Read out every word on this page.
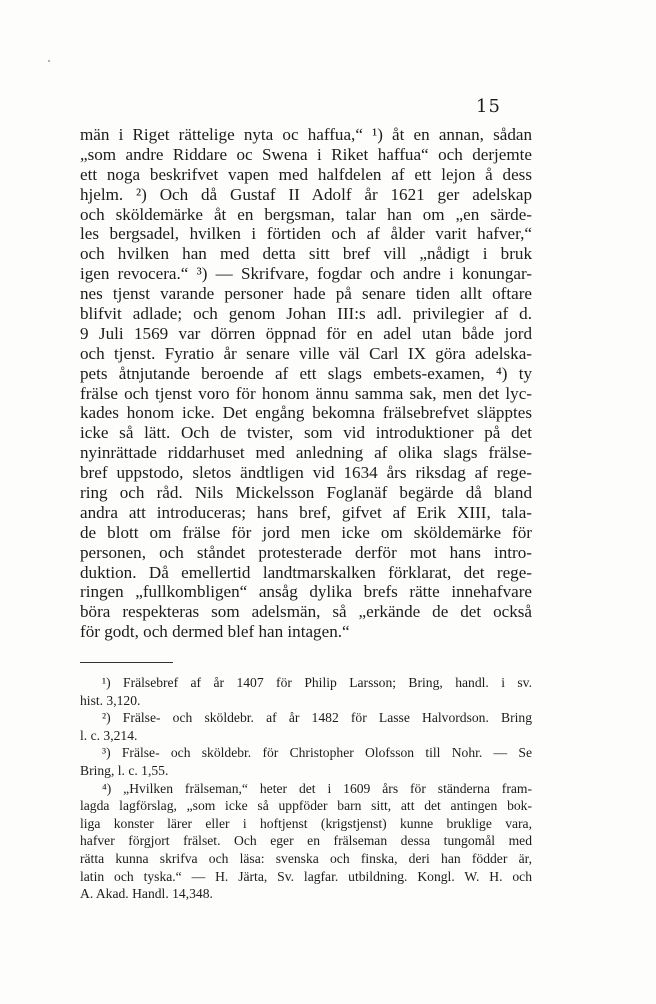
15
män i Riget rättelige nyta oc haffua,“ ¹) åt en annan, sådan
„som andre Riddare oc Swena i Riket haffua“ och derjemte
ett noga beskrifvet vapen med halfdelen af ett lejon å dess
hjelm. ²) Och då Gustaf II Adolf år 1621 ger adelskap
och sköldemärke åt en bergsman, talar han om „en särde-
les bergsadel, hvilken i förtiden och af ålder varit hafver,“
och hvilken han med detta sitt bref vill „nådigt i bruk
igen revocera.“ ³) — Skrifvare, fogdar och andre i konungar-
nes tjenst varande personer hade på senare tiden allt oftare
blifvit adlade; och genom Johan III:s adl. privilegier af d.
9 Juli 1569 var dörren öppnad för en adel utan både jord
och tjenst. Fyratio år senare ville väl Carl IX göra adelska-
pets åtnjutande beroende af ett slags embets-examen, ⁴) ty
frälse och tjenst voro för honom ännu samma sak, men det lyc-
kades honom icke. Det engång bekomna frälsebrefvet släpptes
icke så lätt. Och de tvister, som vid introduktioner på det
nyinrättade riddarhuset med anledning af olika slags frälse-
bref uppstodo, sletos ändtligen vid 1634 års riksdag af rege-
ring och råd. Nils Mickelsson Foglanäf begärde då bland
andra att introduceras; hans bref, gifvet af Erik XIII, tala-
de blott om frälse för jord men icke om sköldemärke för
personen, och ståndet protesterade derför mot hans intro-
duktion. Då emellertid landtmarskalken förklarat, det rege-
ringen „fullkombligen“ ansåg dylika brefs rätte innehafvare
böra respekteras som adelsmän, så „erkände de det också
för godt, och dermed blef han intagen.“
¹) Frälsebref af år 1407 för Philip Larsson; Bring, handl. i sv.
hist. 3,120.
²) Frälse- och sköldebr. af år 1482 för Lasse Halvordson. Bring
l. c. 3,214.
³) Frälse- och sköldebr. för Christopher Olofsson till Nohr. — Se
Bring, l. c. 1,55.
⁴) „Hvilken frälseman,“ heter det i 1609 års för ständerna fram-
lagda lagförslag, „som icke så uppföder barn sitt, att det antingen bok-
liga konster lärer eller i hoftjenst (krigstjenst) kunne bruklige vara,
hafver förgjort frälset. Och eger en frälseman dessa tungomål med
rätta kunna skrifva och läsa: svenska och finska, deri han födder är,
latin och tyska.“ — H. Järta, Sv. lagfar. utbildning. Kongl. W. H. och
A. Akad. Handl. 14,348.
